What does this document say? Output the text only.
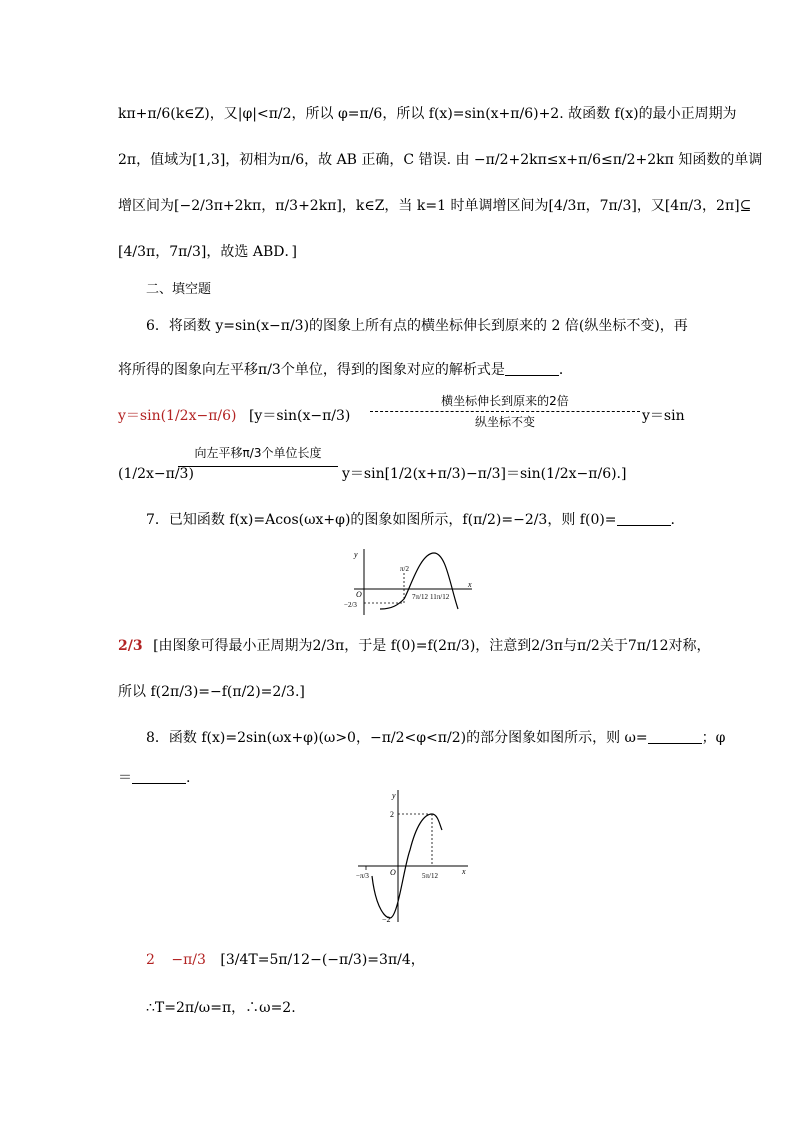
kπ+π/6(k∈Z)，又|φ|<π/2，所以 φ=π/6，所以 f(x)=sin(x+π/6)+2. 故函数 f(x)的最小正周期为
2π，值域为[1,3]，初相为π/6，故 AB 正确，C 错误. 由 −π/2+2kπ≤x+π/6≤π/2+2kπ 知函数的单调
增区间为[−2/3π+2kπ，π/3+2kπ]，k∈Z，当 k=1 时单调增区间为[4/3π，7π/3]，又[4π/3，2π]⊆
[4/3π，7π/3]，故选 ABD．]
二、填空题
6．将函数 y=sin(x−π/3)的图象上所有点的横坐标伸长到原来的 2 倍(纵坐标不变)，再
将所得的图象向左平移π/3个单位，得到的图象对应的解析式是	．
y＝sin(1/2x−π/6) [y＝sin(x−π/3)
横坐标伸长到原来的2倍
纵坐标不变	y＝sin
(1/2x−π/3)
向左平移π/3个单位长度
y＝sin[1/2(x+π/3)−π/3]＝sin(1/2x−π/6).]
7．已知函数 f(x)=Acos(ωx+φ)的图象如图所示，f(π/2)=−2/3，则 f(0)=	.
y
x
O
π/2
−2/3
7π/12 11π/12
2/3 [由图象可得最小正周期为2/3π，于是 f(0)=f(2π/3)，注意到2/3π与π/2关于7π/12对称，
所以 f(2π/3)=−f(π/2)=2/3.]
8．函数 f(x)=2sin(ωx+φ)(ω>0，−π/2<φ<π/2)的部分图象如图所示，则 ω=	；φ
＝	.
y
x
O
2
−2
−π/3	5π/12
2 −π/3 [3/4T=5π/12−(−π/3)=3π/4，
∴T=2π/ω=π，∴ω=2.
